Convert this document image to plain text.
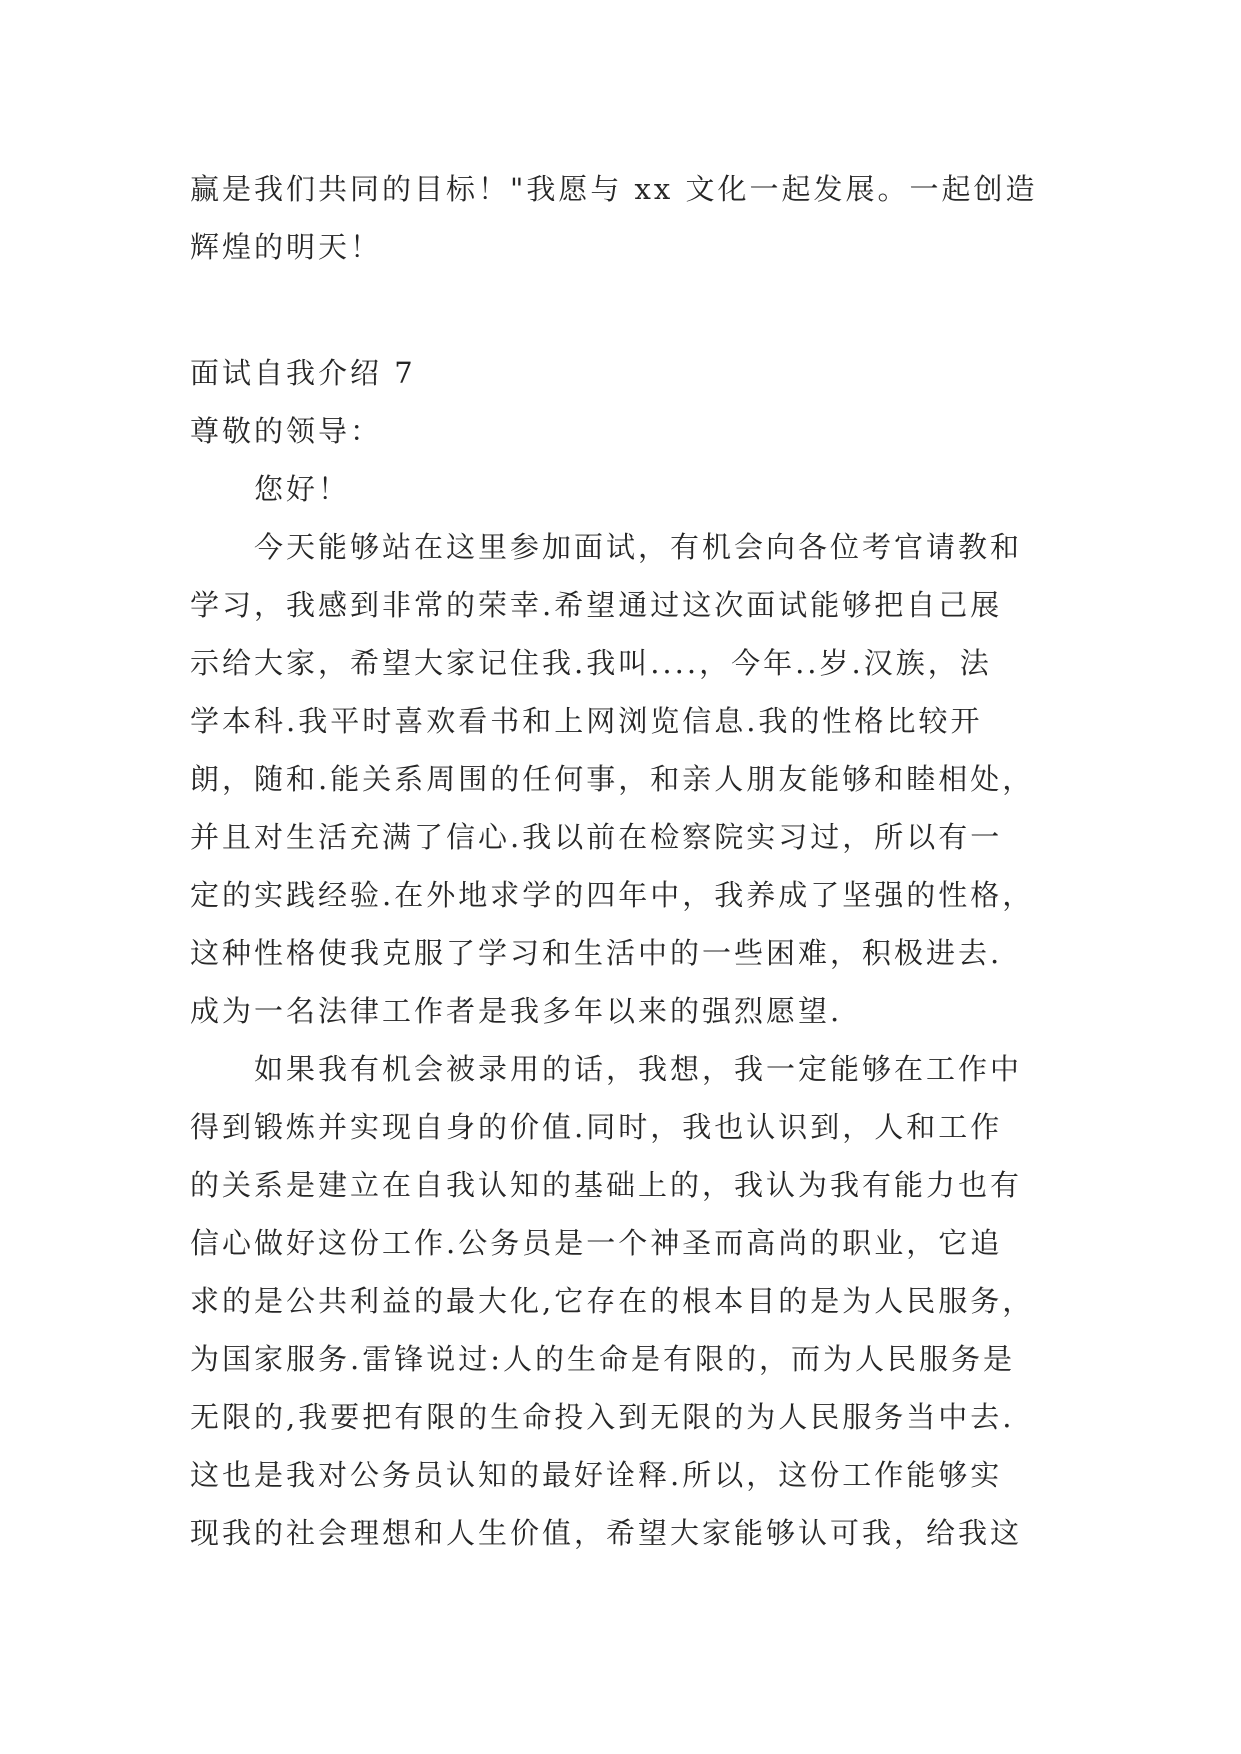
赢是我们共同的目标！"我愿与 xx 文化一起发展。一起创造
辉煌的明天！
面试自我介绍 7
尊敬的领导：
您好！
今天能够站在这里参加面试，有机会向各位考官请教和
学习，我感到非常的荣幸.希望通过这次面试能够把自己展
示给大家，希望大家记住我.我叫....，今年..岁.汉族，法
学本科.我平时喜欢看书和上网浏览信息.我的性格比较开
朗，随和.能关系周围的任何事，和亲人朋友能够和睦相处，
并且对生活充满了信心.我以前在检察院实习过，所以有一
定的实践经验.在外地求学的四年中，我养成了坚强的性格，
这种性格使我克服了学习和生活中的一些困难，积极进去.
成为一名法律工作者是我多年以来的强烈愿望.
如果我有机会被录用的话，我想，我一定能够在工作中
得到锻炼并实现自身的价值.同时，我也认识到，人和工作
的关系是建立在自我认知的基础上的，我认为我有能力也有
信心做好这份工作.公务员是一个神圣而高尚的职业，它追
求的是公共利益的最大化,它存在的根本目的是为人民服务，
为国家服务.雷锋说过:人的生命是有限的，而为人民服务是
无限的,我要把有限的生命投入到无限的为人民服务当中去.
这也是我对公务员认知的最好诠释.所以，这份工作能够实
现我的社会理想和人生价值，希望大家能够认可我，给我这
